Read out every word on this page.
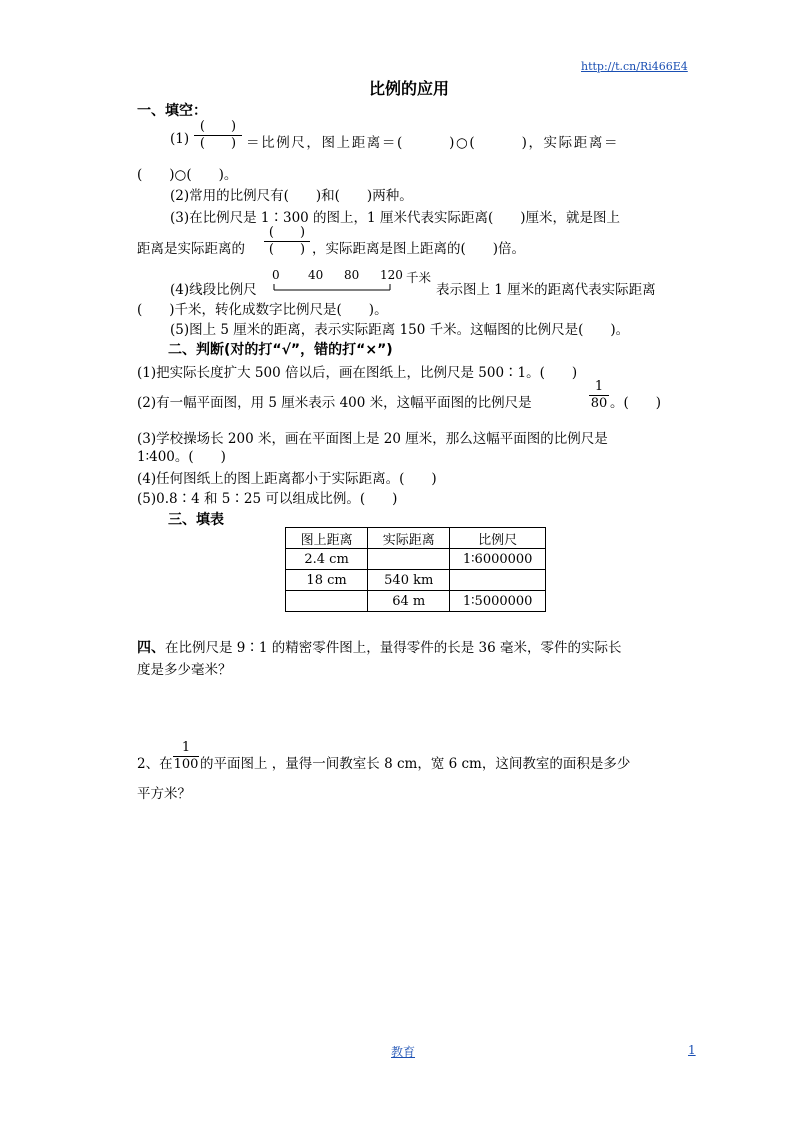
http://t.cn/Ri466E4
比例的应用
一、填空：
(1)
(　　)
(　　) ＝比例尺，图上距离＝(　　　)○(　　　)，实际距离＝
(　　)○(　　)。
(2)常用的比例尺有(　　)和(　　)两种。
(3)在比例尺是 1∶300 的图上，1 厘米代表实际距离(　　)厘米，就是图上
距离是实际距离的
(　　)
(　　) ，实际距离是图上距离的(　　)倍。
(4)线段比例尺
0 40 80 120 千米
表示图上 1 厘米的距离代表实际距离
(　　)千米，转化成数字比例尺是(　　)。
(5)图上 5 厘米的距离，表示实际距离 150 千米。这幅图的比例尺是(　　)。
二、判断(对的打“√”，错的打“×”)
(1)把实际长度扩大 500 倍以后，画在图纸上，比例尺是 500∶1。(　　)
(2)有一幅平面图，用 5 厘米表示 400 米，这幅平面图的比例尺是
1
80 。(　　)
(3)学校操场长 200 米，画在平面图上是 20 厘米，那么这幅平面图的比例尺是
1∶400。(　　)
(4)任何图纸上的图上距离都小于实际距离。(　　)
(5)0.8∶4 和 5∶25 可以组成比例。(　　)
三、填表
图上距离	实际距离	比例尺
2.4 cm		1∶6000000
18 cm	540 km	
	64 m	1∶5000000
四、在比例尺是 9∶1 的精密零件图上，量得零件的长是 36 毫米，零件的实际长
度是多少毫米？
2、在
1
100 的平面图上 ，量得一间教室长 8 cm，宽 6 cm，这间教室的面积是多少
平方米？
教育	1
